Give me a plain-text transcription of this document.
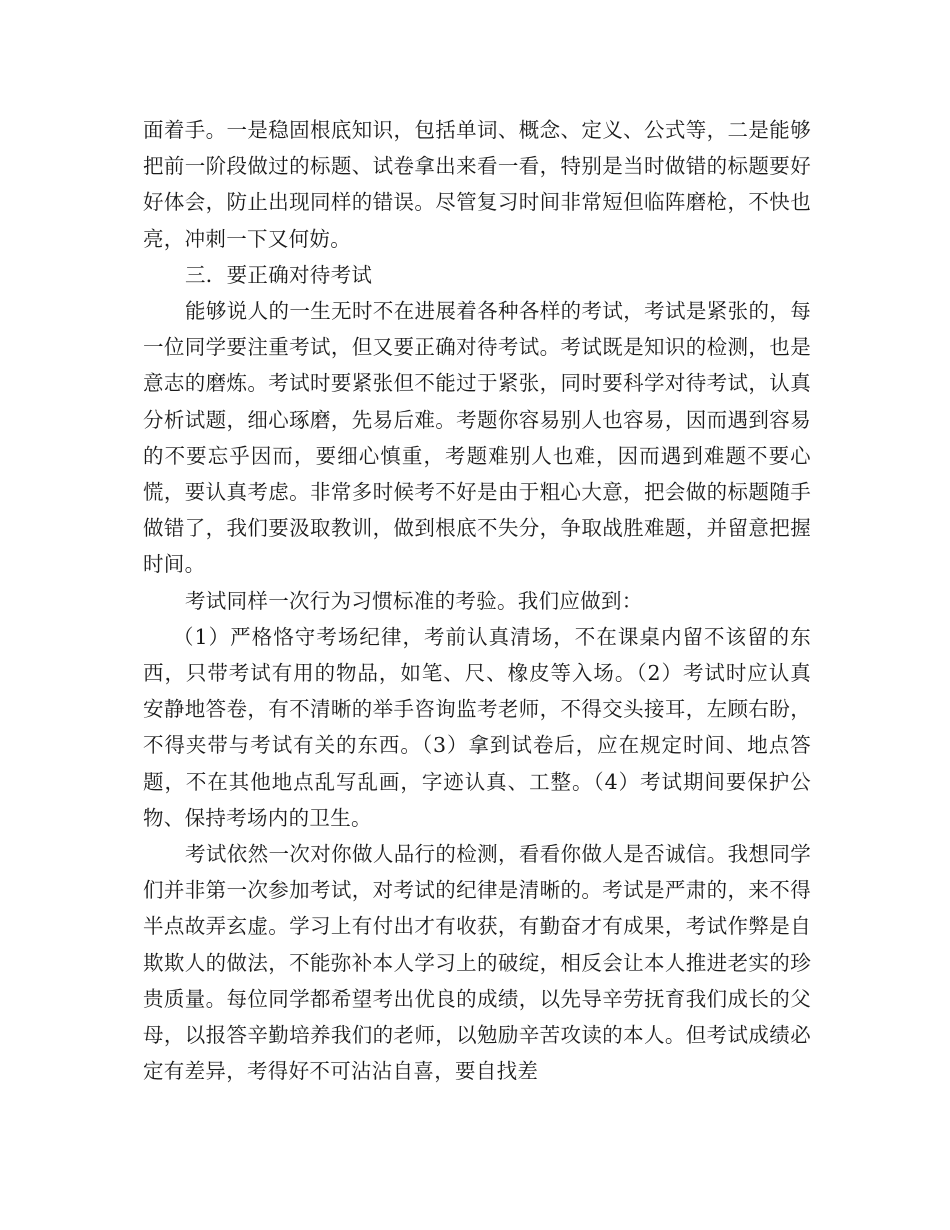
面着手。一是稳固根底知识，包括单词、概念、定义、公式等，二是能够把前一阶段做过的标题、试卷拿出来看一看，特别是当时做错的标题要好好体会，防止出现同样的错误。尽管复习时间非常短但临阵磨枪，不快也亮，冲刺一下又何妨。

三．要正确对待考试

能够说人的一生无时不在进展着各种各样的考试，考试是紧张的，每一位同学要注重考试，但又要正确对待考试。考试既是知识的检测，也是意志的磨炼。考试时要紧张但不能过于紧张，同时要科学对待考试，认真分析试题，细心琢磨，先易后难。考题你容易别人也容易，因而遇到容易的不要忘乎因而，要细心慎重，考题难别人也难，因而遇到难题不要心慌，要认真考虑。非常多时候考不好是由于粗心大意，把会做的标题随手做错了，我们要汲取教训，做到根底不失分，争取战胜难题，并留意把握时间。

考试同样一次行为习惯标准的考验。我们应做到：

（1）严格恪守考场纪律，考前认真清场，不在课桌内留不该留的东西，只带考试有用的物品，如笔、尺、橡皮等入场。（2）考试时应认真安静地答卷，有不清晰的举手咨询监考老师，不得交头接耳，左顾右盼，不得夹带与考试有关的东西。（3）拿到试卷后，应在规定时间、地点答题，不在其他地点乱写乱画，字迹认真、工整。（4）考试期间要保护公物、保持考场内的卫生。

考试依然一次对你做人品行的检测，看看你做人是否诚信。我想同学们并非第一次参加考试，对考试的纪律是清晰的。考试是严肃的，来不得半点故弄玄虚。学习上有付出才有收获，有勤奋才有成果，考试作弊是自欺欺人的做法，不能弥补本人学习上的破绽，相反会让本人推进老实的珍贵质量。每位同学都希望考出优良的成绩，以先导辛劳抚育我们成长的父母，以报答辛勤培养我们的老师，以勉励辛苦攻读的本人。但考试成绩必定有差异，考得好不可沾沾自喜，要自找差
